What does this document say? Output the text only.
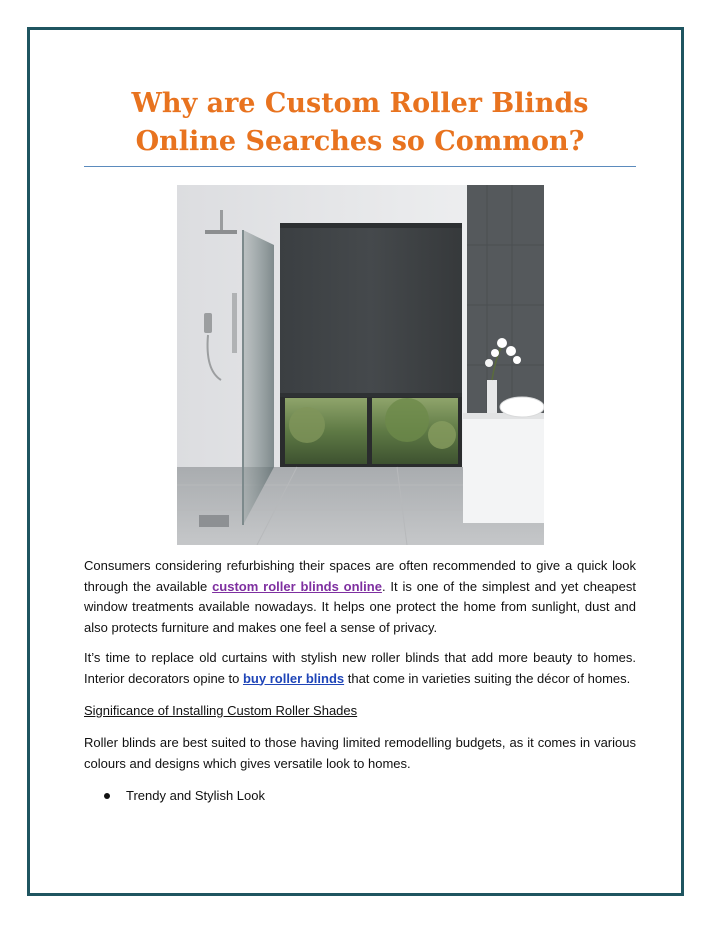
Why are Custom Roller Blinds
Online Searches so Common?

Consumers considering refurbishing their spaces are often recommended to give a quick look through the available custom roller blinds online. It is one of the simplest and yet cheapest window treatments available nowadays. It helps one protect the home from sunlight, dust and also protects furniture and makes one feel a sense of privacy.

It’s time to replace old curtains with stylish new roller blinds that add more beauty to homes. Interior decorators opine to buy roller blinds that come in varieties suiting the décor of homes.

Significance of Installing Custom Roller Shades

Roller blinds are best suited to those having limited remodelling budgets, as it comes in various colours and designs which gives versatile look to homes.

Trendy and Stylish Look
